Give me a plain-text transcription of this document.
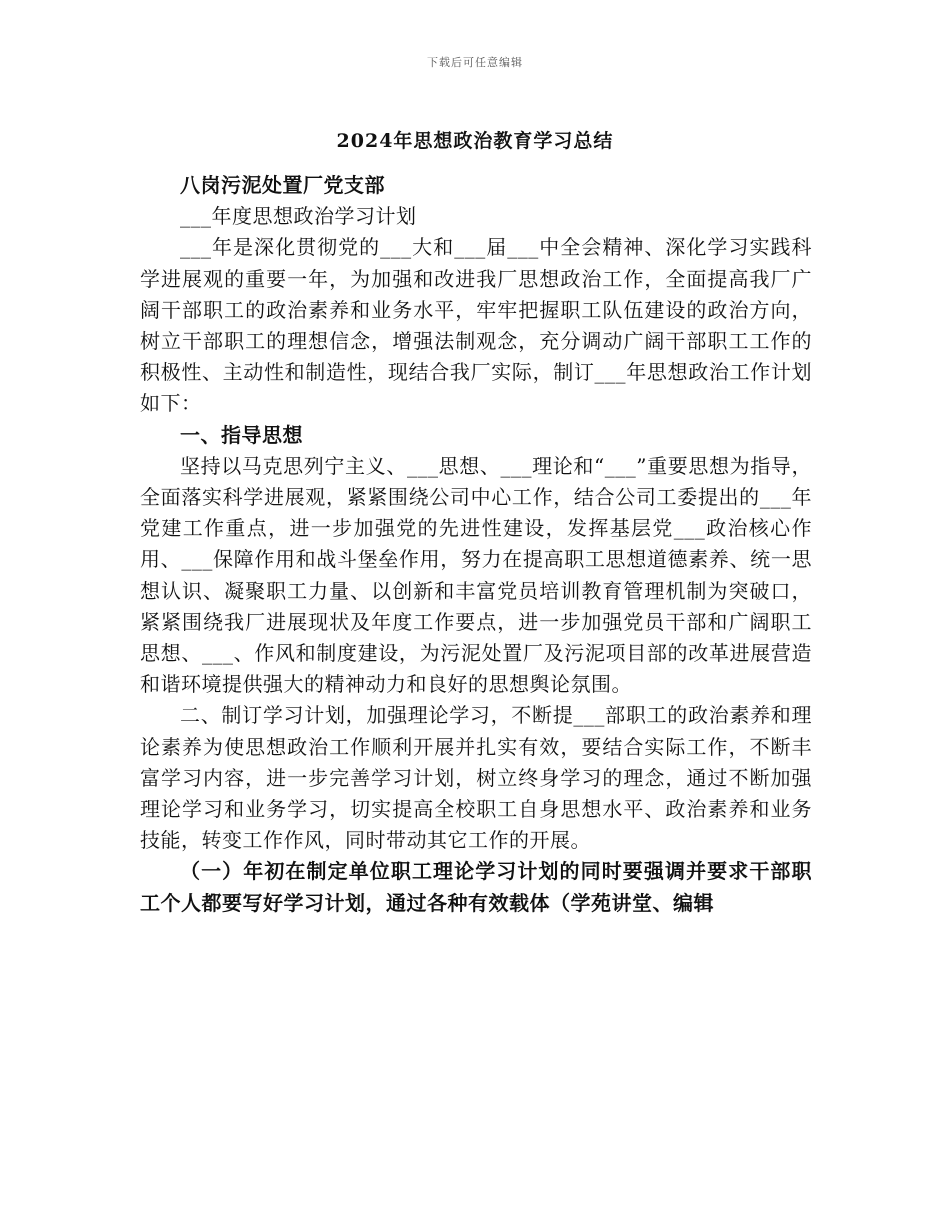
下载后可任意编辑
2024年思想政治教育学习总结

八岗污泥处置厂党支部

___年度思想政治学习计划

___年是深化贯彻党的___大和___届___中全会精神、深化学习实践科学进展观的重要一年，为加强和改进我厂思想政治工作，全面提高我厂广阔干部职工的政治素养和业务水平，牢牢把握职工队伍建设的政治方向，树立干部职工的理想信念，增强法制观念，充分调动广阔干部职工工作的积极性、主动性和制造性，现结合我厂实际，制订___年思想政治工作计划如下：

一、指导思想

坚持以马克思列宁主义、___思想、___理论和“___”重要思想为指导，全面落实科学进展观，紧紧围绕公司中心工作，结合公司工委提出的___年党建工作重点，进一步加强党的先进性建设，发挥基层党___政治核心作用、___保障作用和战斗堡垒作用，努力在提高职工思想道德素养、统一思想认识、凝聚职工力量、以创新和丰富党员培训教育管理机制为突破口，紧紧围绕我厂进展现状及年度工作要点，进一步加强党员干部和广阔职工思想、___、作风和制度建设，为污泥处置厂及污泥项目部的改革进展营造和谐环境提供强大的精神动力和良好的思想舆论氛围。

二、制订学习计划，加强理论学习，不断提___部职工的政治素养和理论素养为使思想政治工作顺利开展并扎实有效，要结合实际工作，不断丰富学习内容，进一步完善学习计划，树立终身学习的理念，通过不断加强理论学习和业务学习，切实提高全校职工自身思想水平、政治素养和业务技能，转变工作作风，同时带动其它工作的开展。

（一）年初在制定单位职工理论学习计划的同时要强调并要求干部职工个人都要写好学习计划，通过各种有效载体（学苑讲堂、编辑
